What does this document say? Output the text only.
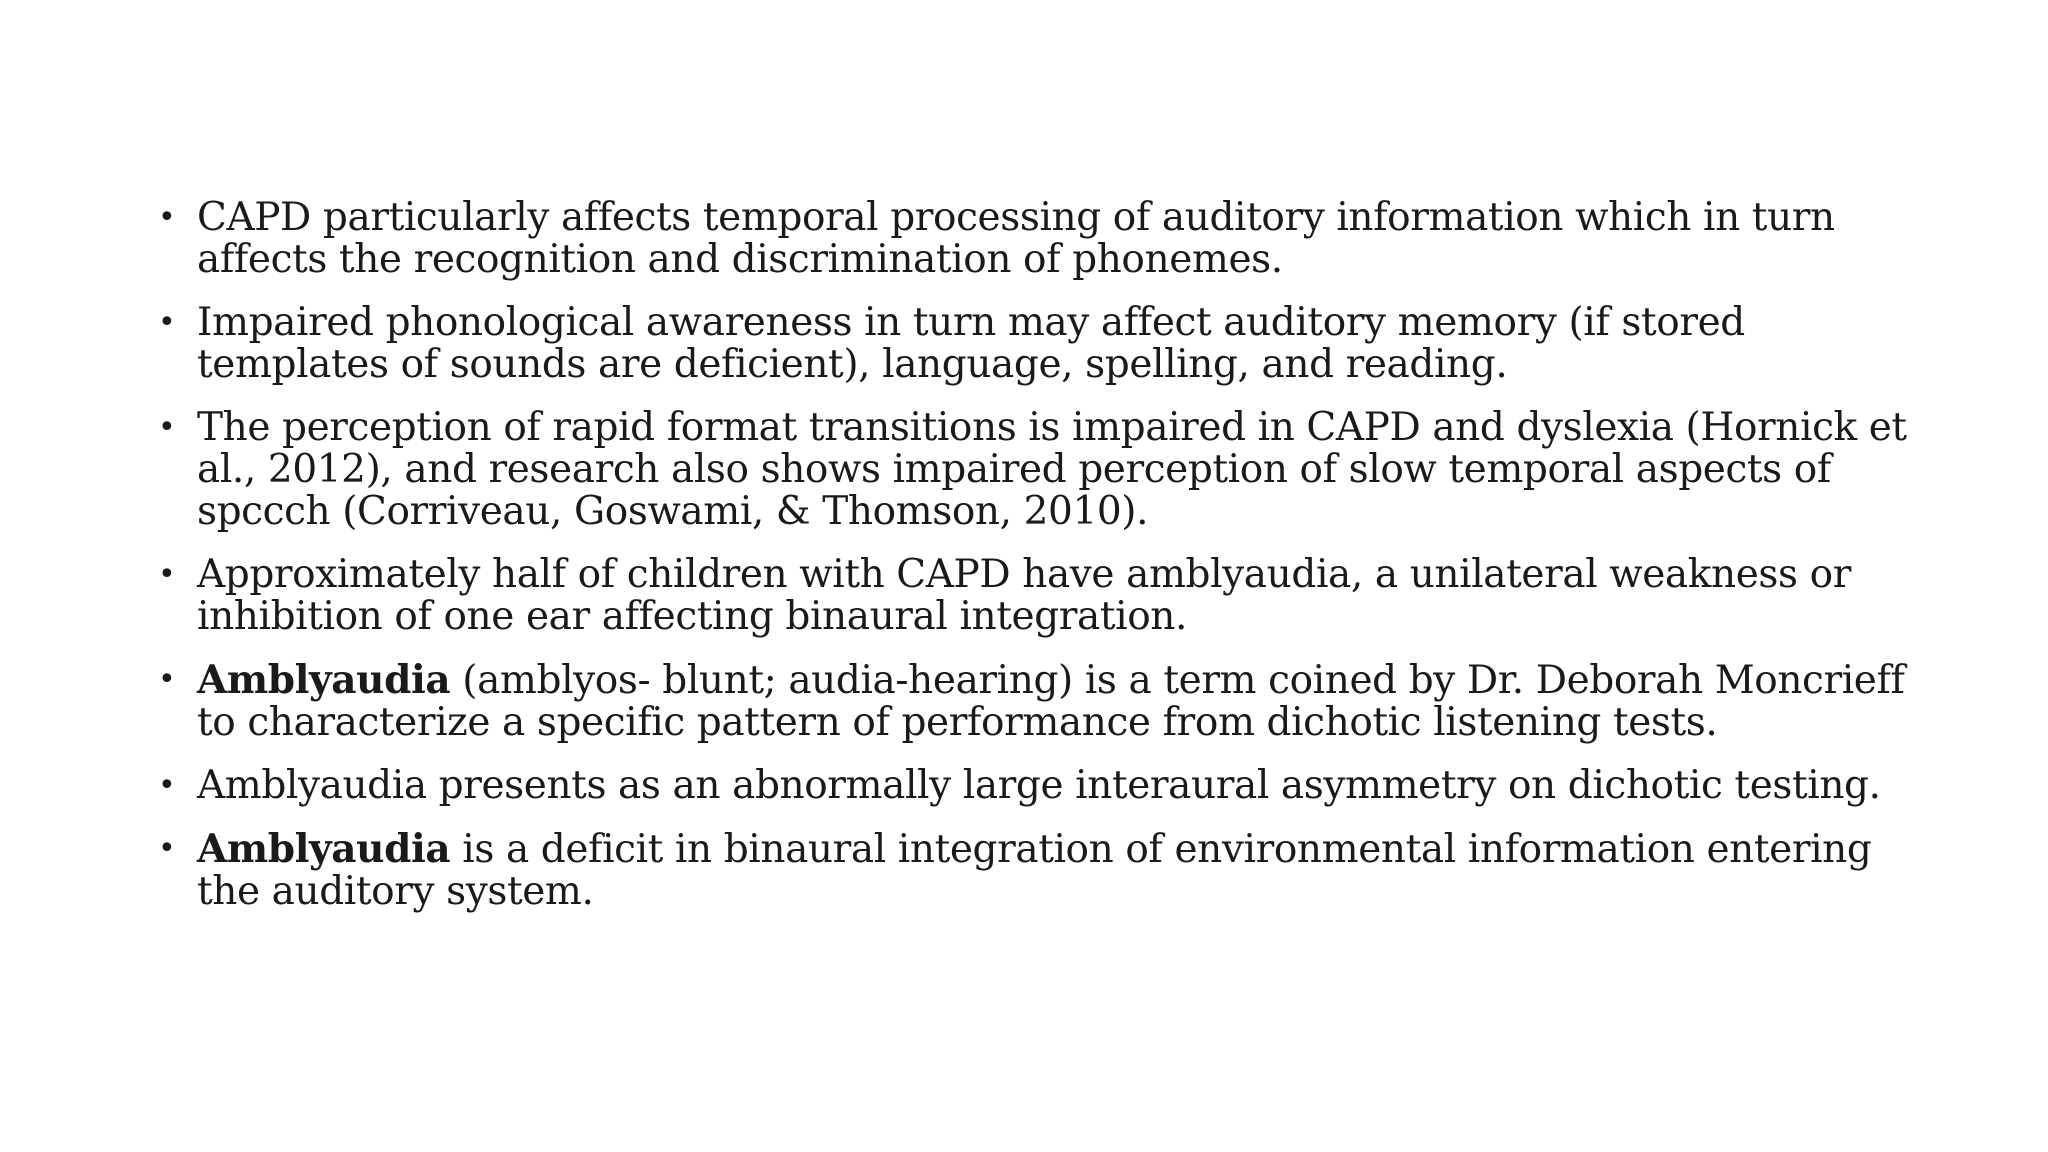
• CAPD particularly affects temporal processing of auditory information which in turn affects the recognition and discrimination of phonemes.
• Impaired phonological awareness in turn may affect auditory memory (if stored templates of sounds are deficient), language, spelling, and reading.
• The perception of rapid format transitions is impaired in CAPD and dyslexia (Hornick et al., 2012), and research also shows impaired perception of slow temporal aspects of spccch (Corriveau, Goswami, & Thomson, 2010).
• Approximately half of children with CAPD have amblyaudia, a unilateral weakness or inhibition of one ear affecting binaural integration.
• Amblyaudia (amblyos- blunt; audia-hearing) is a term coined by Dr. Deborah Moncrieff to characterize a specific pattern of performance from dichotic listening tests.
• Amblyaudia presents as an abnormally large interaural asymmetry on dichotic testing.
• Amblyaudia is a deficit in binaural integration of environmental information entering the auditory system.
